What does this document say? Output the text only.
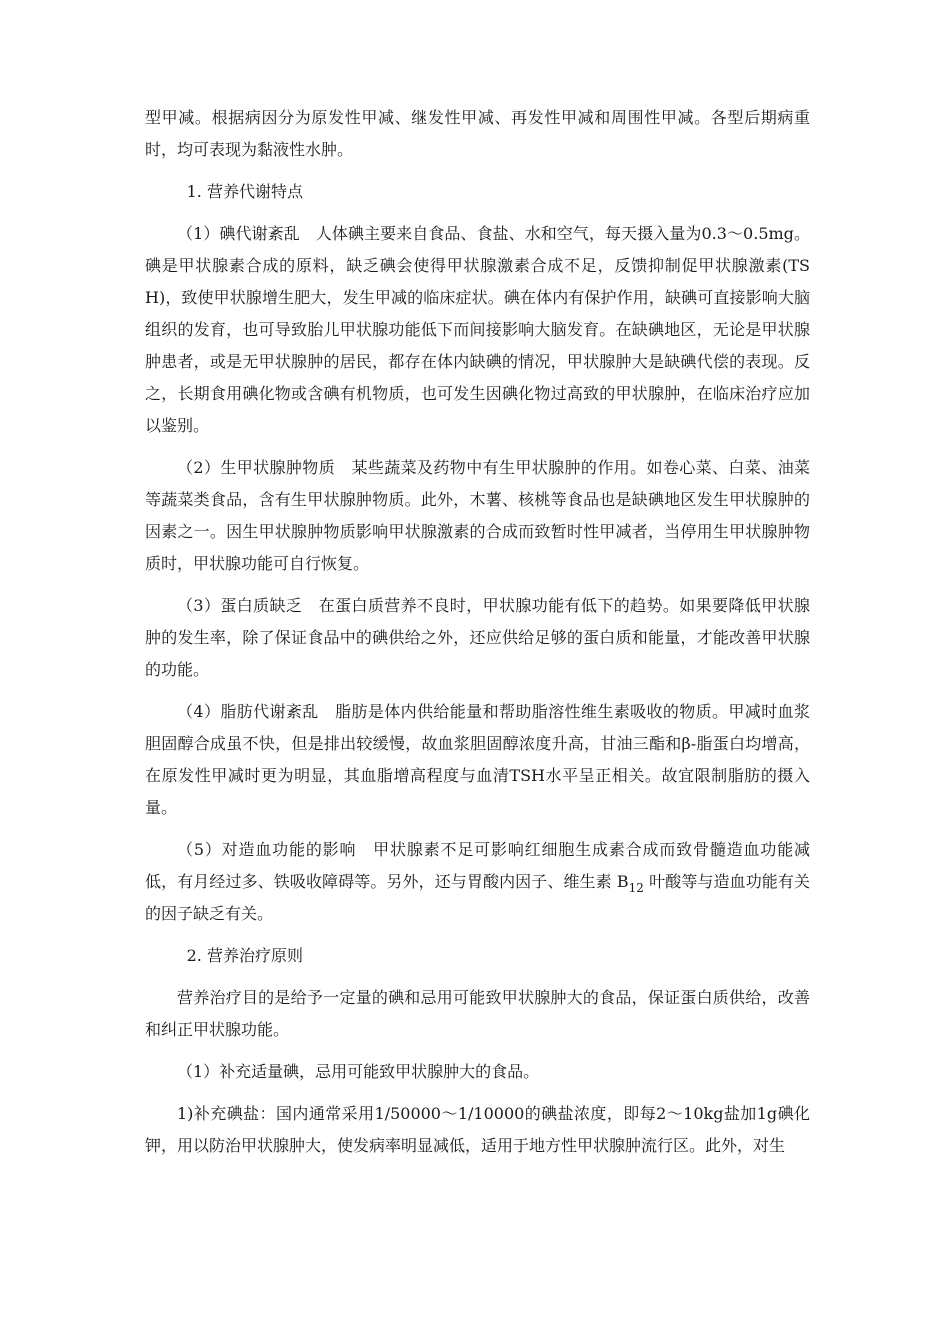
型甲减。根据病因分为原发性甲减、继发性甲减、再发性甲减和周围性甲减。各型后期病重时，均可表现为黏液性水肿。

1. 营养代谢特点

（1）碘代谢紊乱　人体碘主要来自食品、食盐、水和空气，每天摄入量为0.3～0.5mg。碘是甲状腺素合成的原料，缺乏碘会使得甲状腺激素合成不足，反馈抑制促甲状腺激素(TSH)，致使甲状腺增生肥大，发生甲减的临床症状。碘在体内有保护作用，缺碘可直接影响大脑组织的发育，也可导致胎儿甲状腺功能低下而间接影响大脑发育。在缺碘地区，无论是甲状腺肿患者，或是无甲状腺肿的居民，都存在体内缺碘的情况，甲状腺肿大是缺碘代偿的表现。反之，长期食用碘化物或含碘有机物质，也可发生因碘化物过高致的甲状腺肿，在临床治疗应加以鉴别。

（2）生甲状腺肿物质　某些蔬菜及药物中有生甲状腺肿的作用。如卷心菜、白菜、油菜等蔬菜类食品，含有生甲状腺肿物质。此外，木薯、核桃等食品也是缺碘地区发生甲状腺肿的因素之一。因生甲状腺肿物质影响甲状腺激素的合成而致暂时性甲减者，当停用生甲状腺肿物质时，甲状腺功能可自行恢复。

（3）蛋白质缺乏　在蛋白质营养不良时，甲状腺功能有低下的趋势。如果要降低甲状腺肿的发生率，除了保证食品中的碘供给之外，还应供给足够的蛋白质和能量，才能改善甲状腺的功能。

（4）脂肪代谢紊乱　脂肪是体内供给能量和帮助脂溶性维生素吸收的物质。甲减时血浆胆固醇合成虽不快，但是排出较缓慢，故血浆胆固醇浓度升高，甘油三酯和β-脂蛋白均增高，在原发性甲减时更为明显，其血脂增高程度与血清TSH水平呈正相关。故宜限制脂肪的摄入量。

（5）对造血功能的影响　甲状腺素不足可影响红细胞生成素合成而致骨髓造血功能减低，有月经过多、铁吸收障碍等。另外，还与胃酸内因子、维生素 $B_{12}$ 叶酸等与造血功能有关的因子缺乏有关。

2. 营养治疗原则

营养治疗目的是给予一定量的碘和忌用可能致甲状腺肿大的食品，保证蛋白质供给，改善和纠正甲状腺功能。

（1）补充适量碘，忌用可能致甲状腺肿大的食品。

1)补充碘盐：国内通常采用1/50000～1/10000的碘盐浓度，即每2～10kg盐加1g碘化钾，用以防治甲状腺肿大，使发病率明显减低，适用于地方性甲状腺肿流行区。此外，对生
